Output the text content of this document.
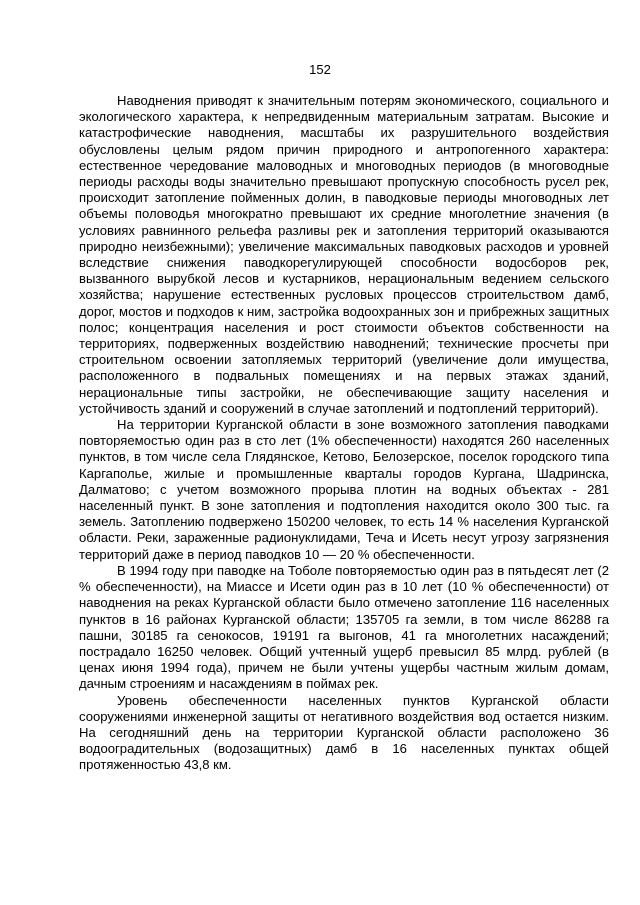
152

Наводнения приводят к значительным потерям экономического, социального и экологического характера, к непредвиденным материальным затратам. Высокие и катастрофические наводнения, масштабы их разрушительного воздействия обусловлены целым рядом причин природного и антропогенного характера: естественное чередование маловодных и многоводных периодов (в многоводные периоды расходы воды значительно превышают пропускную способность русел рек, происходит затопление пойменных долин, в паводковые периоды многоводных лет объемы половодья многократно превышают их средние многолетние значения (в условиях равнинного рельефа разливы рек и затопления территорий оказываются природно неизбежными); увеличение максимальных паводковых расходов и уровней вследствие снижения паводкорегулирующей способности водосборов рек, вызванного вырубкой лесов и кустарников, нерациональным ведением сельского хозяйства; нарушение естественных русловых процессов строительством дамб, дорог, мостов и подходов к ним, застройка водоохранных зон и прибрежных защитных полос; концентрация населения и рост стоимости объектов собственности на территориях, подверженных воздействию наводнений; технические просчеты при строительном освоении затопляемых территорий (увеличение доли имущества, расположенного в подвальных помещениях и на первых этажах зданий, нерациональные типы застройки, не обеспечивающие защиту населения и устойчивость зданий и сооружений в случае затоплений и подтоплений территорий).

На территории Курганской области в зоне возможного затопления паводками повторяемостью один раз в сто лет (1% обеспеченности) находятся 260 населенных пунктов, в том числе села Глядянское, Кетово, Белозерское, поселок городского типа Каргаполье, жилые и промышленные кварталы городов Кургана, Шадринска, Далматово; с учетом возможного прорыва плотин на водных объектах - 281 населенный пункт. В зоне затопления и подтопления находится около 300 тыс. га земель. Затоплению подвержено 150200 человек, то есть 14 % населения Курганской области. Реки, зараженные радионуклидами, Теча и Исеть несут угрозу загрязнения территорий даже в период паводков 10 — 20 % обеспеченности.

В 1994 году при паводке на Тоболе повторяемостью один раз в пятьдесят лет (2 % обеспеченности), на Миассе и Исети один раз в 10 лет (10 % обеспеченности) от наводнения на реках Курганской области было отмечено затопление 116 населенных пунктов в 16 районах Курганской области; 135705 га земли, в том числе 86288 га пашни, 30185 га сенокосов, 19191 га выгонов, 41 га многолетних насаждений; пострадало 16250 человек. Общий учтенный ущерб превысил 85 млрд. рублей (в ценах июня 1994 года), причем не были учтены ущербы частным жилым домам, дачным строениям и насаждениям в поймах рек.

Уровень обеспеченности населенных пунктов Курганской области сооружениями инженерной защиты от негативного воздействия вод остается низким. На сегодняшний день на территории Курганской области расположено 36 водооградительных (водозащитных) дамб в 16 населенных пунктах общей протяженностью 43,8 км.
